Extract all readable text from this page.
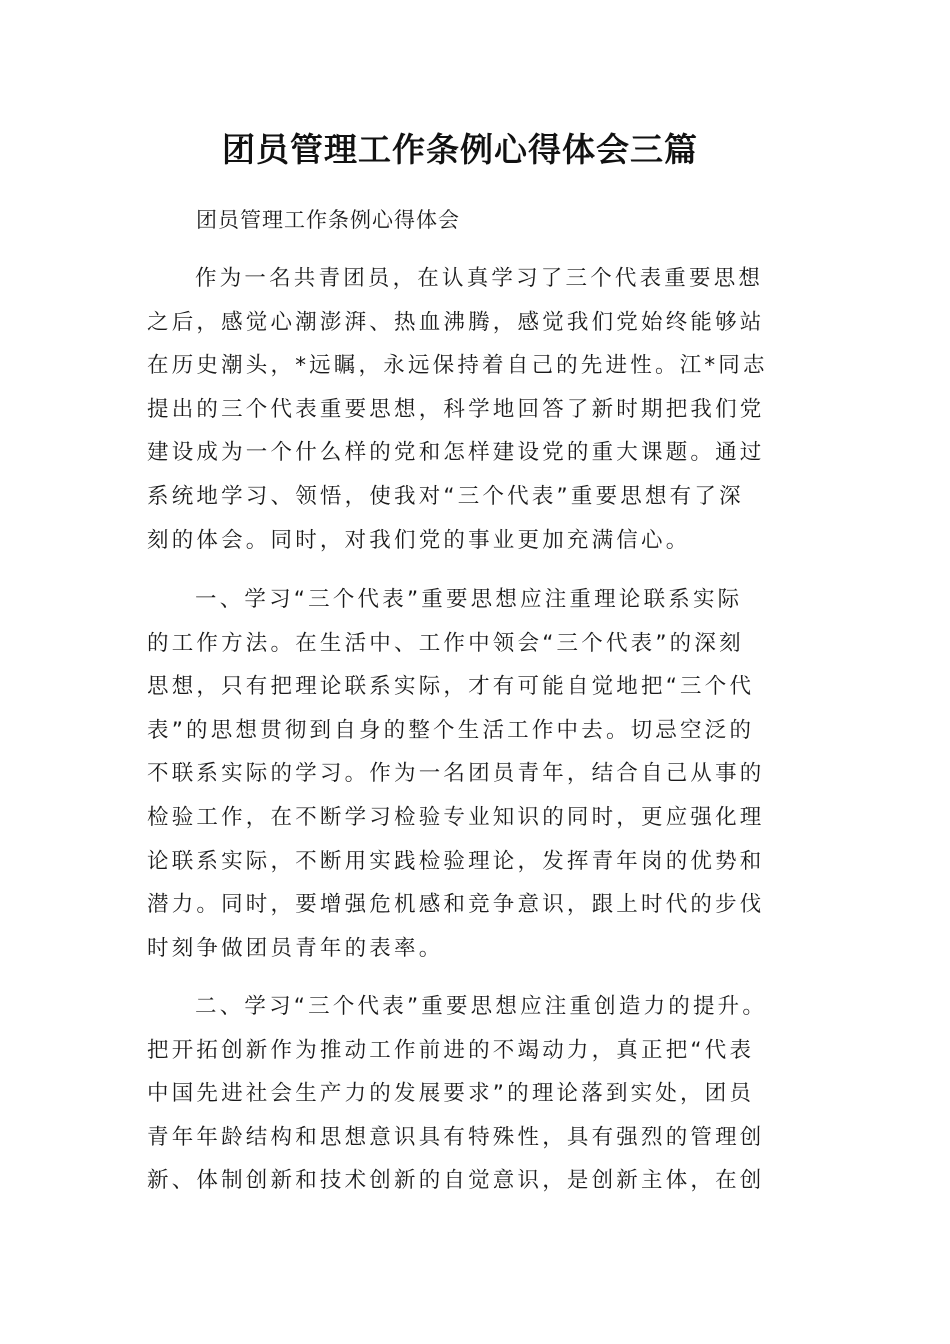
团员管理工作条例心得体会三篇
团员管理工作条例心得体会
作为一名共青团员，在认真学习了三个代表重要思想
之后，感觉心潮澎湃、热血沸腾，感觉我们党始终能够站
在历史潮头，*远瞩，永远保持着自己的先进性。江*同志
提出的三个代表重要思想，科学地回答了新时期把我们党
建设成为一个什么样的党和怎样建设党的重大课题。通过
系统地学习、领悟，使我对“三个代表”重要思想有了深
刻的体会。同时，对我们党的事业更加充满信心。
一、学习“三个代表”重要思想应注重理论联系实际
的工作方法。在生活中、工作中领会“三个代表”的深刻
思想，只有把理论联系实际，才有可能自觉地把“三个代
表”的思想贯彻到自身的整个生活工作中去。切忌空泛的
不联系实际的学习。作为一名团员青年，结合自己从事的
检验工作，在不断学习检验专业知识的同时，更应强化理
论联系实际，不断用实践检验理论，发挥青年岗的优势和
潜力。同时，要增强危机感和竞争意识，跟上时代的步伐
时刻争做团员青年的表率。
二、学习“三个代表”重要思想应注重创造力的提升。
把开拓创新作为推动工作前进的不竭动力，真正把“代表
中国先进社会生产力的发展要求”的理论落到实处，团员
青年年龄结构和思想意识具有特殊性，具有强烈的管理创
新、体制创新和技术创新的自觉意识，是创新主体，在创
